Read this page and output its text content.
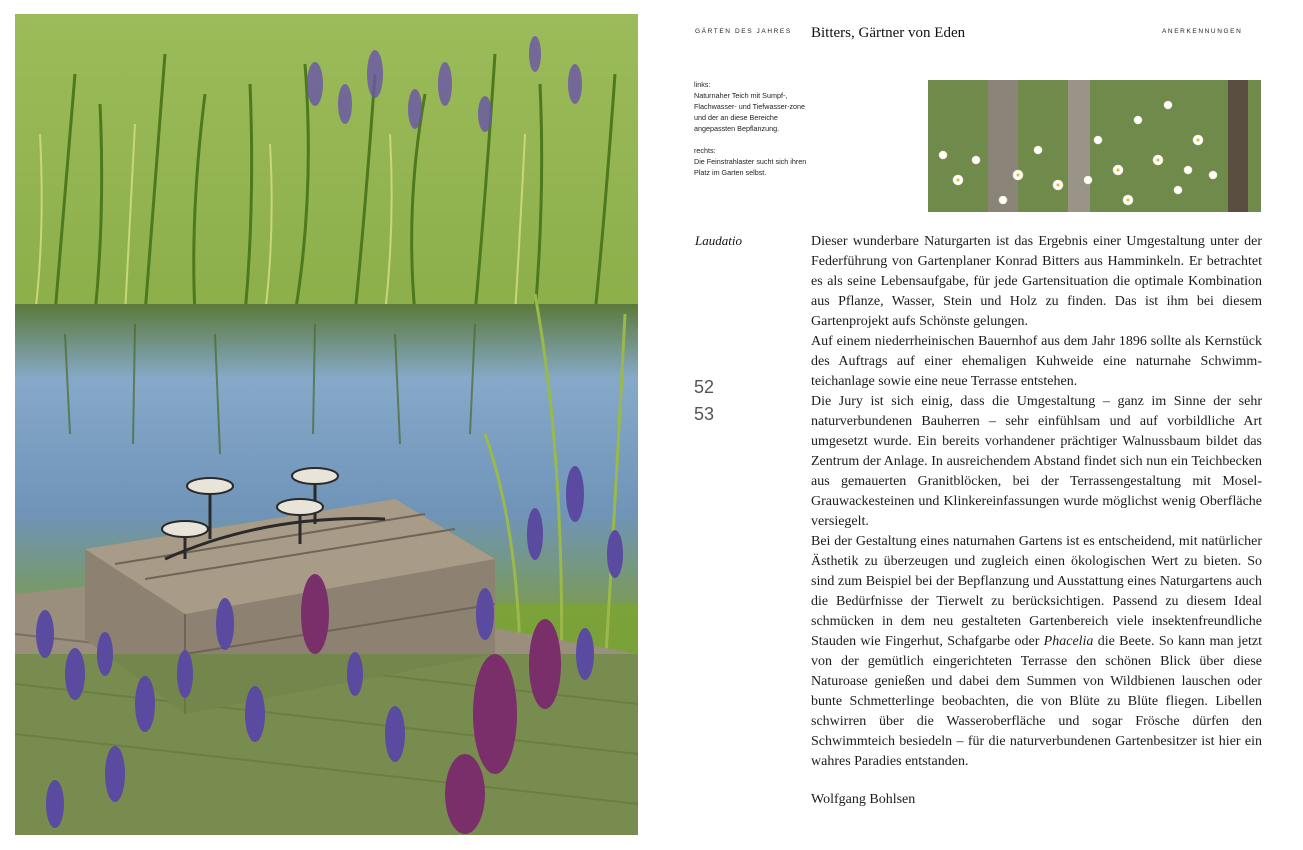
GÄRTEN DES JAHRES Bitters, Gärtner von Eden	ANERKENNUNGEN
links:
Naturnaher Teich mit Sumpf-, Flachwasser- und Tiefwasser-zone und der an diese Bereiche angepassten Bepflanzung.
rechts:
Die Feinstrahlaster sucht sich ihren Platz im Garten selbst.
Laudatio
52
53

Dieser wunderbare Naturgarten ist das Ergebnis einer Umgestaltung unter der Federführung von Gartenplaner Konrad Bitters aus Hamminkeln. Er betrachtet es als seine Lebensaufgabe, für jede Gartensituation die optimale Kombination aus Pflanze, Wasser, Stein und Holz zu finden. Das ist ihm bei diesem Gartenprojekt aufs Schönste gelungen.

Auf einem niederrheinischen Bauernhof aus dem Jahr 1896 sollte als Kernstück des Auftrags auf einer ehemaligen Kuhweide eine naturnahe Schwimmteichanlage sowie eine neue Terrasse entstehen.

Die Jury ist sich einig, dass die Umgestaltung – ganz im Sinne der sehr naturverbundenen Bauherren – sehr einfühlsam und auf vorbildliche Art umgesetzt wurde. Ein bereits vorhandener prächtiger Walnussbaum bildet das Zentrum der Anlage. In ausreichendem Abstand findet sich nun ein Teichbecken aus gemauerten Granitblöcken, bei der Terrassengestaltung mit Mosel-Grauwackesteinen und Klinkereinfassungen wurde möglichst wenig Oberfläche versiegelt.

Bei der Gestaltung eines naturnahen Gartens ist es entscheidend, mit natürlicher Ästhetik zu überzeugen und zugleich einen ökologischen Wert zu bieten. So sind zum Beispiel bei der Bepflanzung und Ausstattung eines Naturgartens auch die Bedürfnisse der Tierwelt zu berücksichtigen. Passend zu diesem Ideal schmücken in dem neu gestalteten Gartenbereich viele insektenfreundliche Stauden wie Fingerhut, Schafgarbe oder Phacelia die Beete. So kann man jetzt von der gemütlich eingerichteten Terrasse den schönen Blick über diese Naturoase genießen und dabei dem Summen von Wildbienen lauschen oder bunte Schmetterlinge beobachten, die von Blüte zu Blüte fliegen. Libellen schwirren über die Wasseroberfläche und sogar Frösche dürfen den Schwimmteich besiedeln – für die naturverbundenen Gartenbesitzer ist hier ein wahres Paradies entstanden.

Wolfgang Bohlsen
